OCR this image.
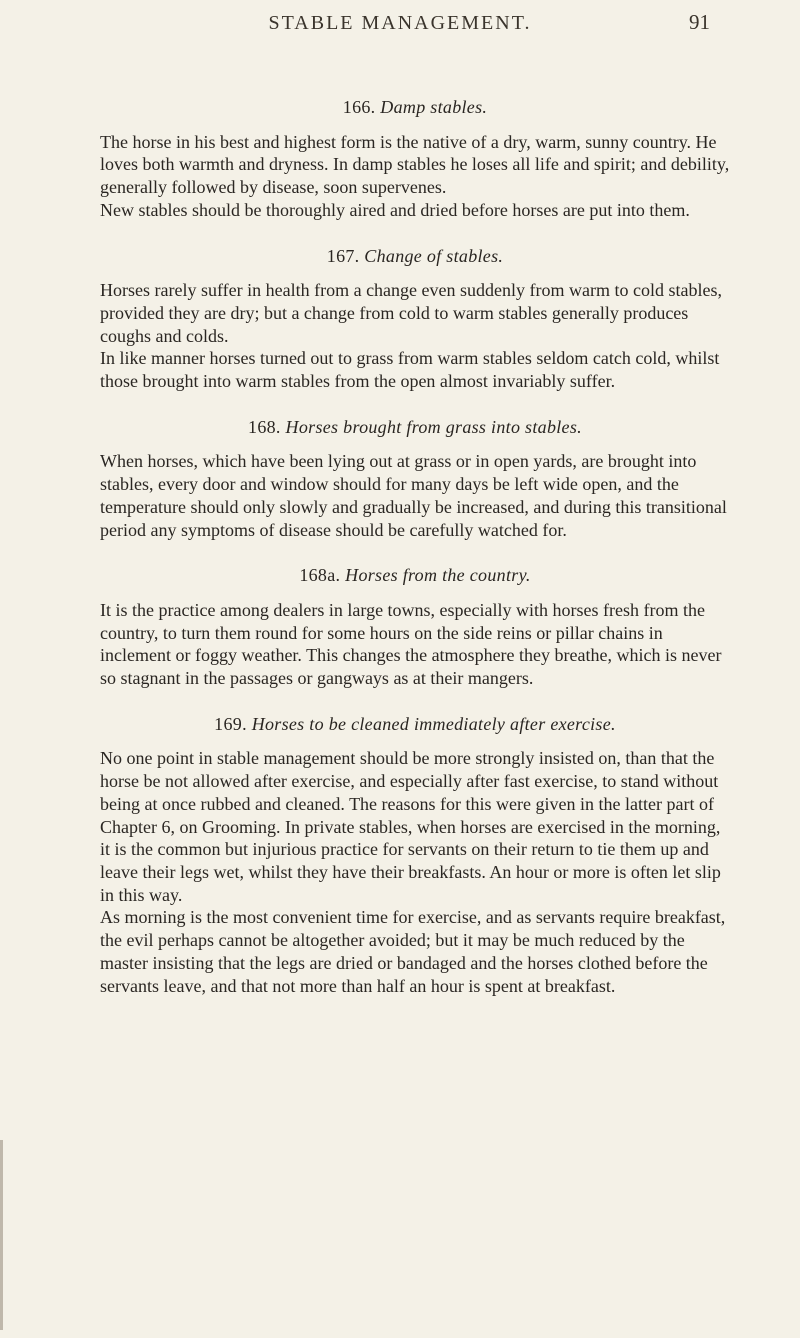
STABLE MANAGEMENT.	91
166. Damp stables.

The horse in his best and highest form is the native of a dry, warm, sunny country. He loves both warmth and dryness. In damp stables he loses all life and spirit; and debility, generally followed by disease, soon supervenes.

New stables should be thoroughly aired and dried before horses are put into them.

167. Change of stables.

Horses rarely suffer in health from a change even suddenly from warm to cold stables, provided they are dry; but a change from cold to warm stables generally produces coughs and colds.

In like manner horses turned out to grass from warm stables seldom catch cold, whilst those brought into warm stables from the open almost invariably suffer.

168. Horses brought from grass into stables.

When horses, which have been lying out at grass or in open yards, are brought into stables, every door and window should for many days be left wide open, and the temperature should only slowly and gradually be increased, and during this transitional period any symptoms of disease should be carefully watched for.

168a. Horses from the country.

It is the practice among dealers in large towns, especially with horses fresh from the country, to turn them round for some hours on the side reins or pillar chains in inclement or foggy weather. This changes the atmosphere they breathe, which is never so stagnant in the passages or gangways as at their mangers.

169. Horses to be cleaned immediately after exercise.

No one point in stable management should be more strongly insisted on, than that the horse be not allowed after exercise, and especially after fast exercise, to stand without being at once rubbed and cleaned. The reasons for this were given in the latter part of Chapter 6, on Grooming. In private stables, when horses are exercised in the morning, it is the common but injurious practice for servants on their return to tie them up and leave their legs wet, whilst they have their breakfasts. An hour or more is often let slip in this way.

As morning is the most convenient time for exercise, and as servants require breakfast, the evil perhaps cannot be altogether avoided; but it may be much reduced by the master insisting that the legs are dried or bandaged and the horses clothed before the servants leave, and that not more than half an hour is spent at breakfast.
